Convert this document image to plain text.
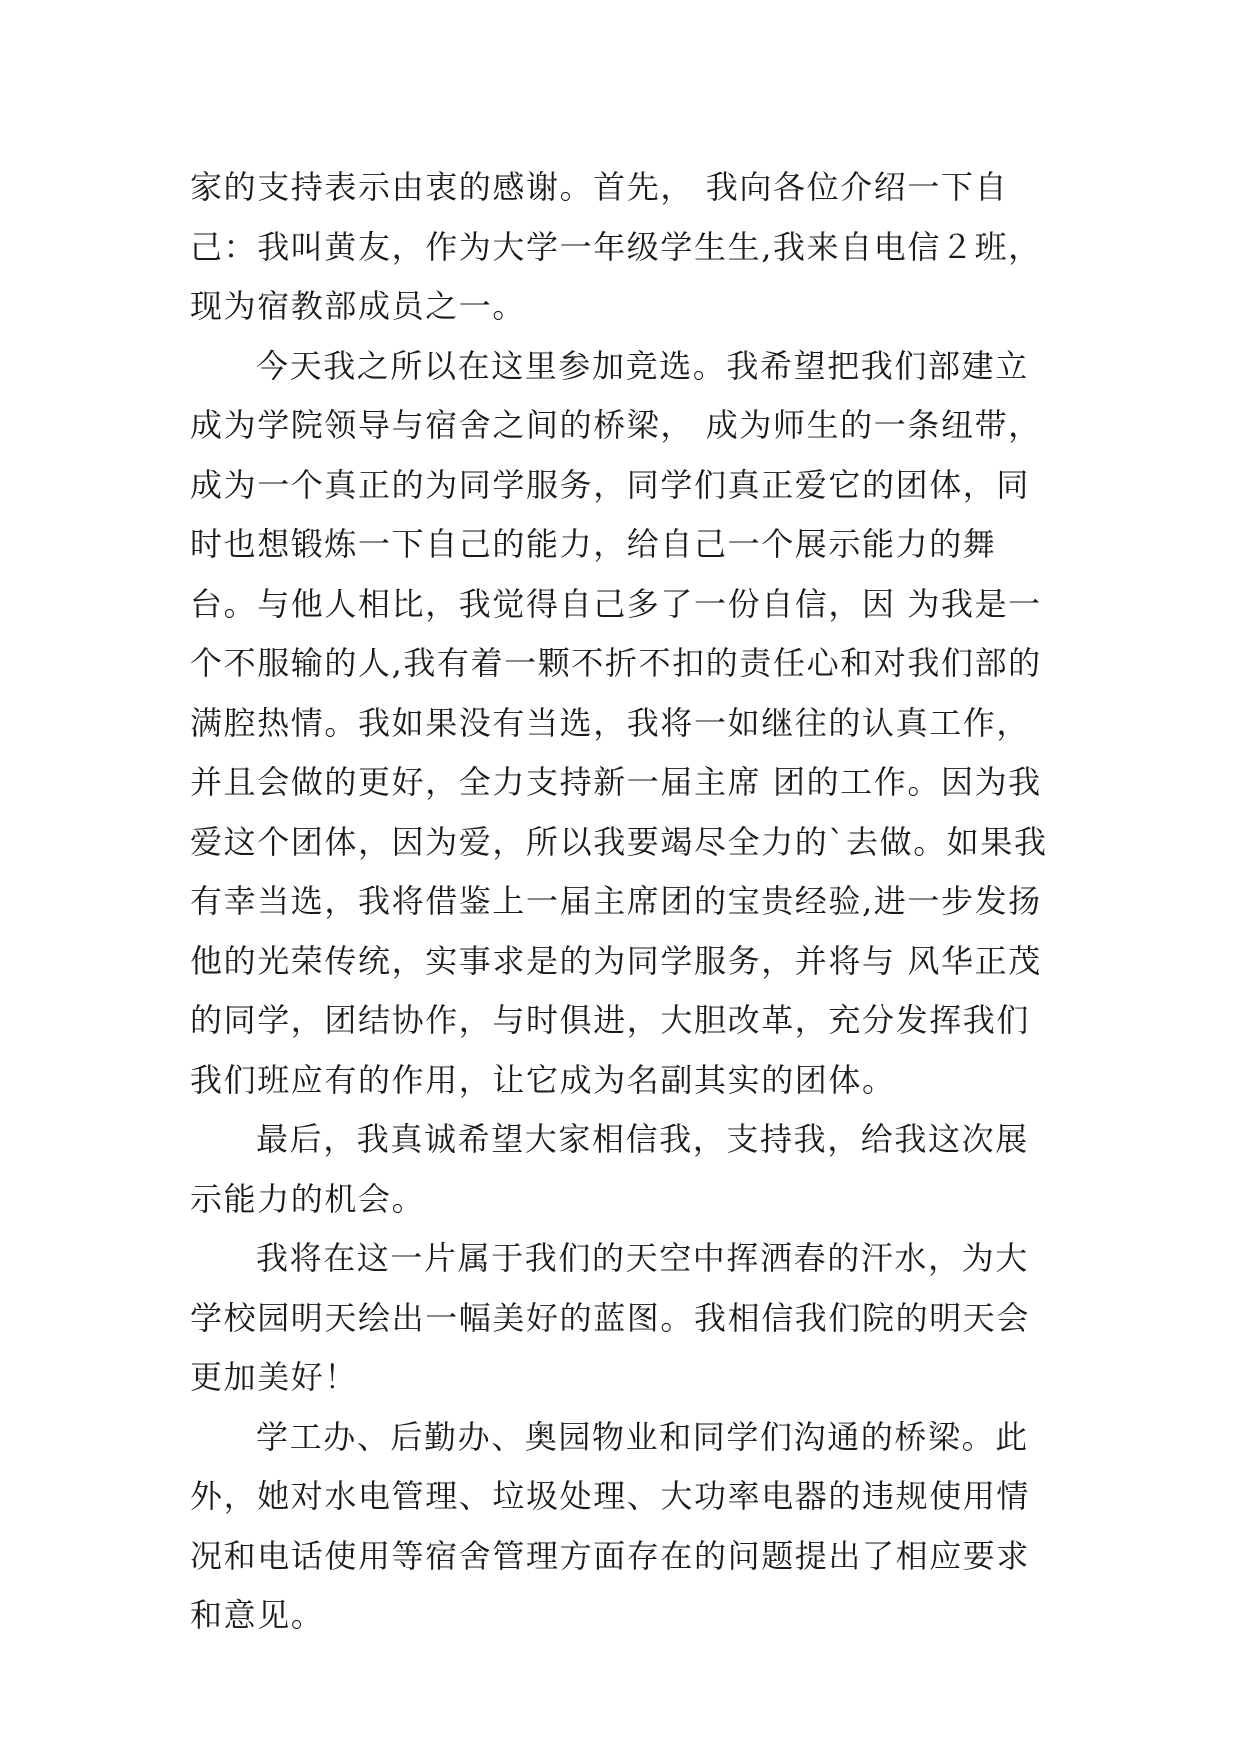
家的支持表示由衷的感谢。首先， 我向各位介绍一下自己：我叫黄友，作为大学一年级学生生,我来自电信２班，现为宿教部成员之一。

今天我之所以在这里参加竞选。我希望把我们部建立成为学院领导与宿舍之间的桥梁， 成为师生的一条纽带，成为一个真正的为同学服务，同学们真正爱它的团体，同时也想锻炼一下自己的能力，给自己一个展示能力的舞台。与他人相比，我觉得自己多了一份自信，因 为我是一个不服输的人,我有着一颗不折不扣的责任心和对我们部的满腔热情。我如果没有当选，我将一如继往的认真工作，并且会做的更好，全力支持新一届主席 团的工作。因为我爱这个团体，因为爱，所以我要竭尽全力的`去做。如果我有幸当选，我将借鉴上一届主席团的宝贵经验,进一步发扬他的光荣传统，实事求是的为同学服务，并将与 风华正茂的同学，团结协作，与时俱进，大胆改革，充分发挥我们我们班应有的作用，让它成为名副其实的团体。

最后，我真诚希望大家相信我，支持我，给我这次展示能力的机会。

我将在这一片属于我们的天空中挥洒春的汗水，为大学校园明天绘出一幅美好的蓝图。我相信我们院的明天会更加美好！

学工办、后勤办、奥园物业和同学们沟通的桥梁。此外，她对水电管理、垃圾处理、大功率电器的违规使用情况和电话使用等宿舍管理方面存在的问题提出了相应要求和意见。
